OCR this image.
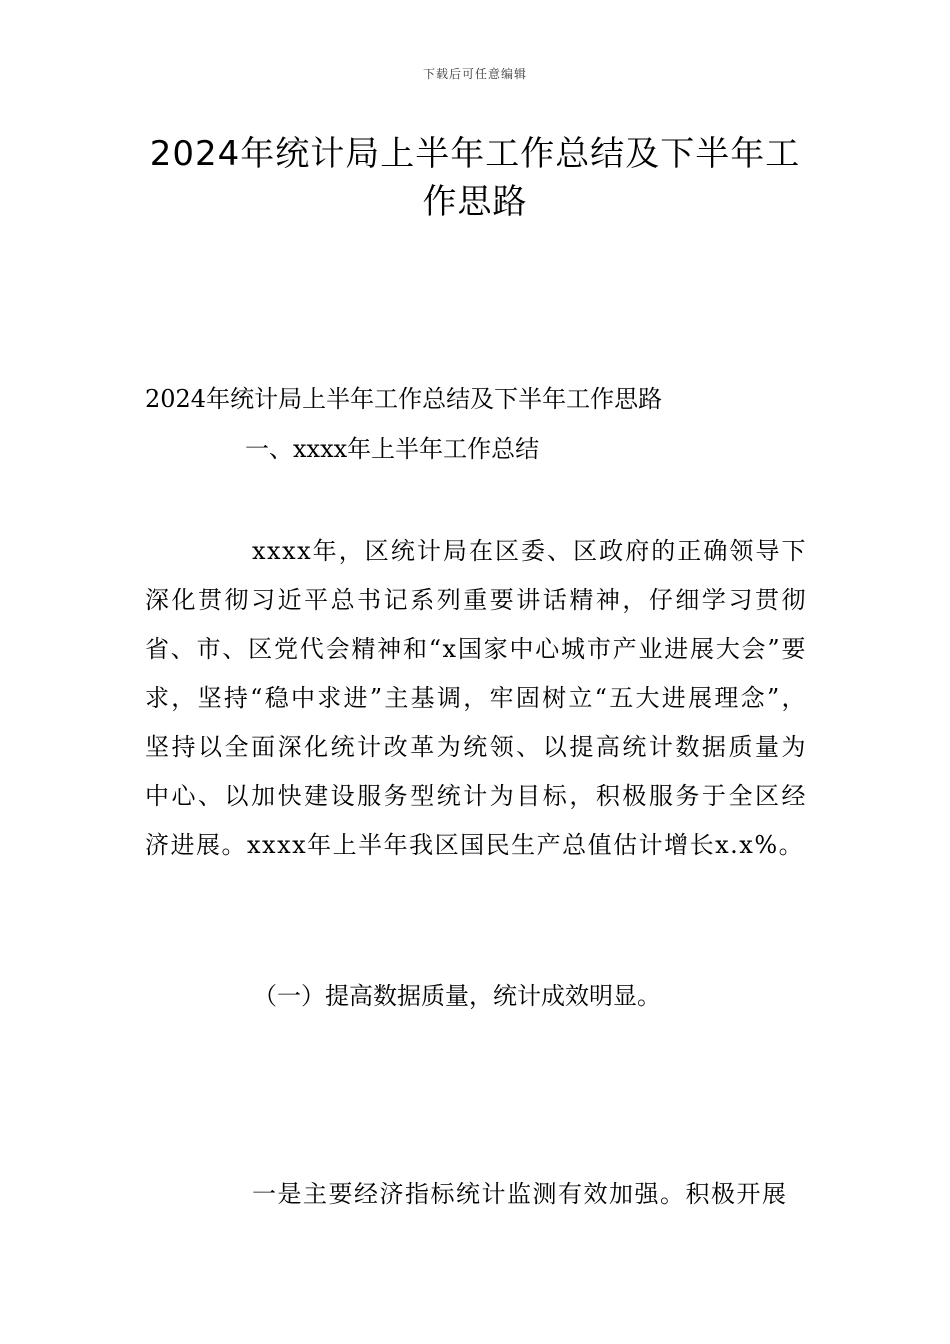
下载后可任意编辑
2024年统计局上半年工作总结及下半年工作思路

2024年统计局上半年工作总结及下半年工作思路

一、xxxx年上半年工作总结

xxxx年，区统计局在区委、区政府的正确领导下深化贯彻习近平总书记系列重要讲话精神，仔细学习贯彻省、市、区党代会精神和“x国家中心城市产业进展大会”要求，坚持“稳中求进”主基调，牢固树立“五大进展理念”，坚持以全面深化统计改革为统领、以提高统计数据质量为中心、以加快建设服务型统计为目标，积极服务于全区经济进展。xxxx年上半年我区国民生产总值估计增长x.x%。

（一）提高数据质量，统计成效明显。

一是主要经济指标统计监测有效加强。积极开展
